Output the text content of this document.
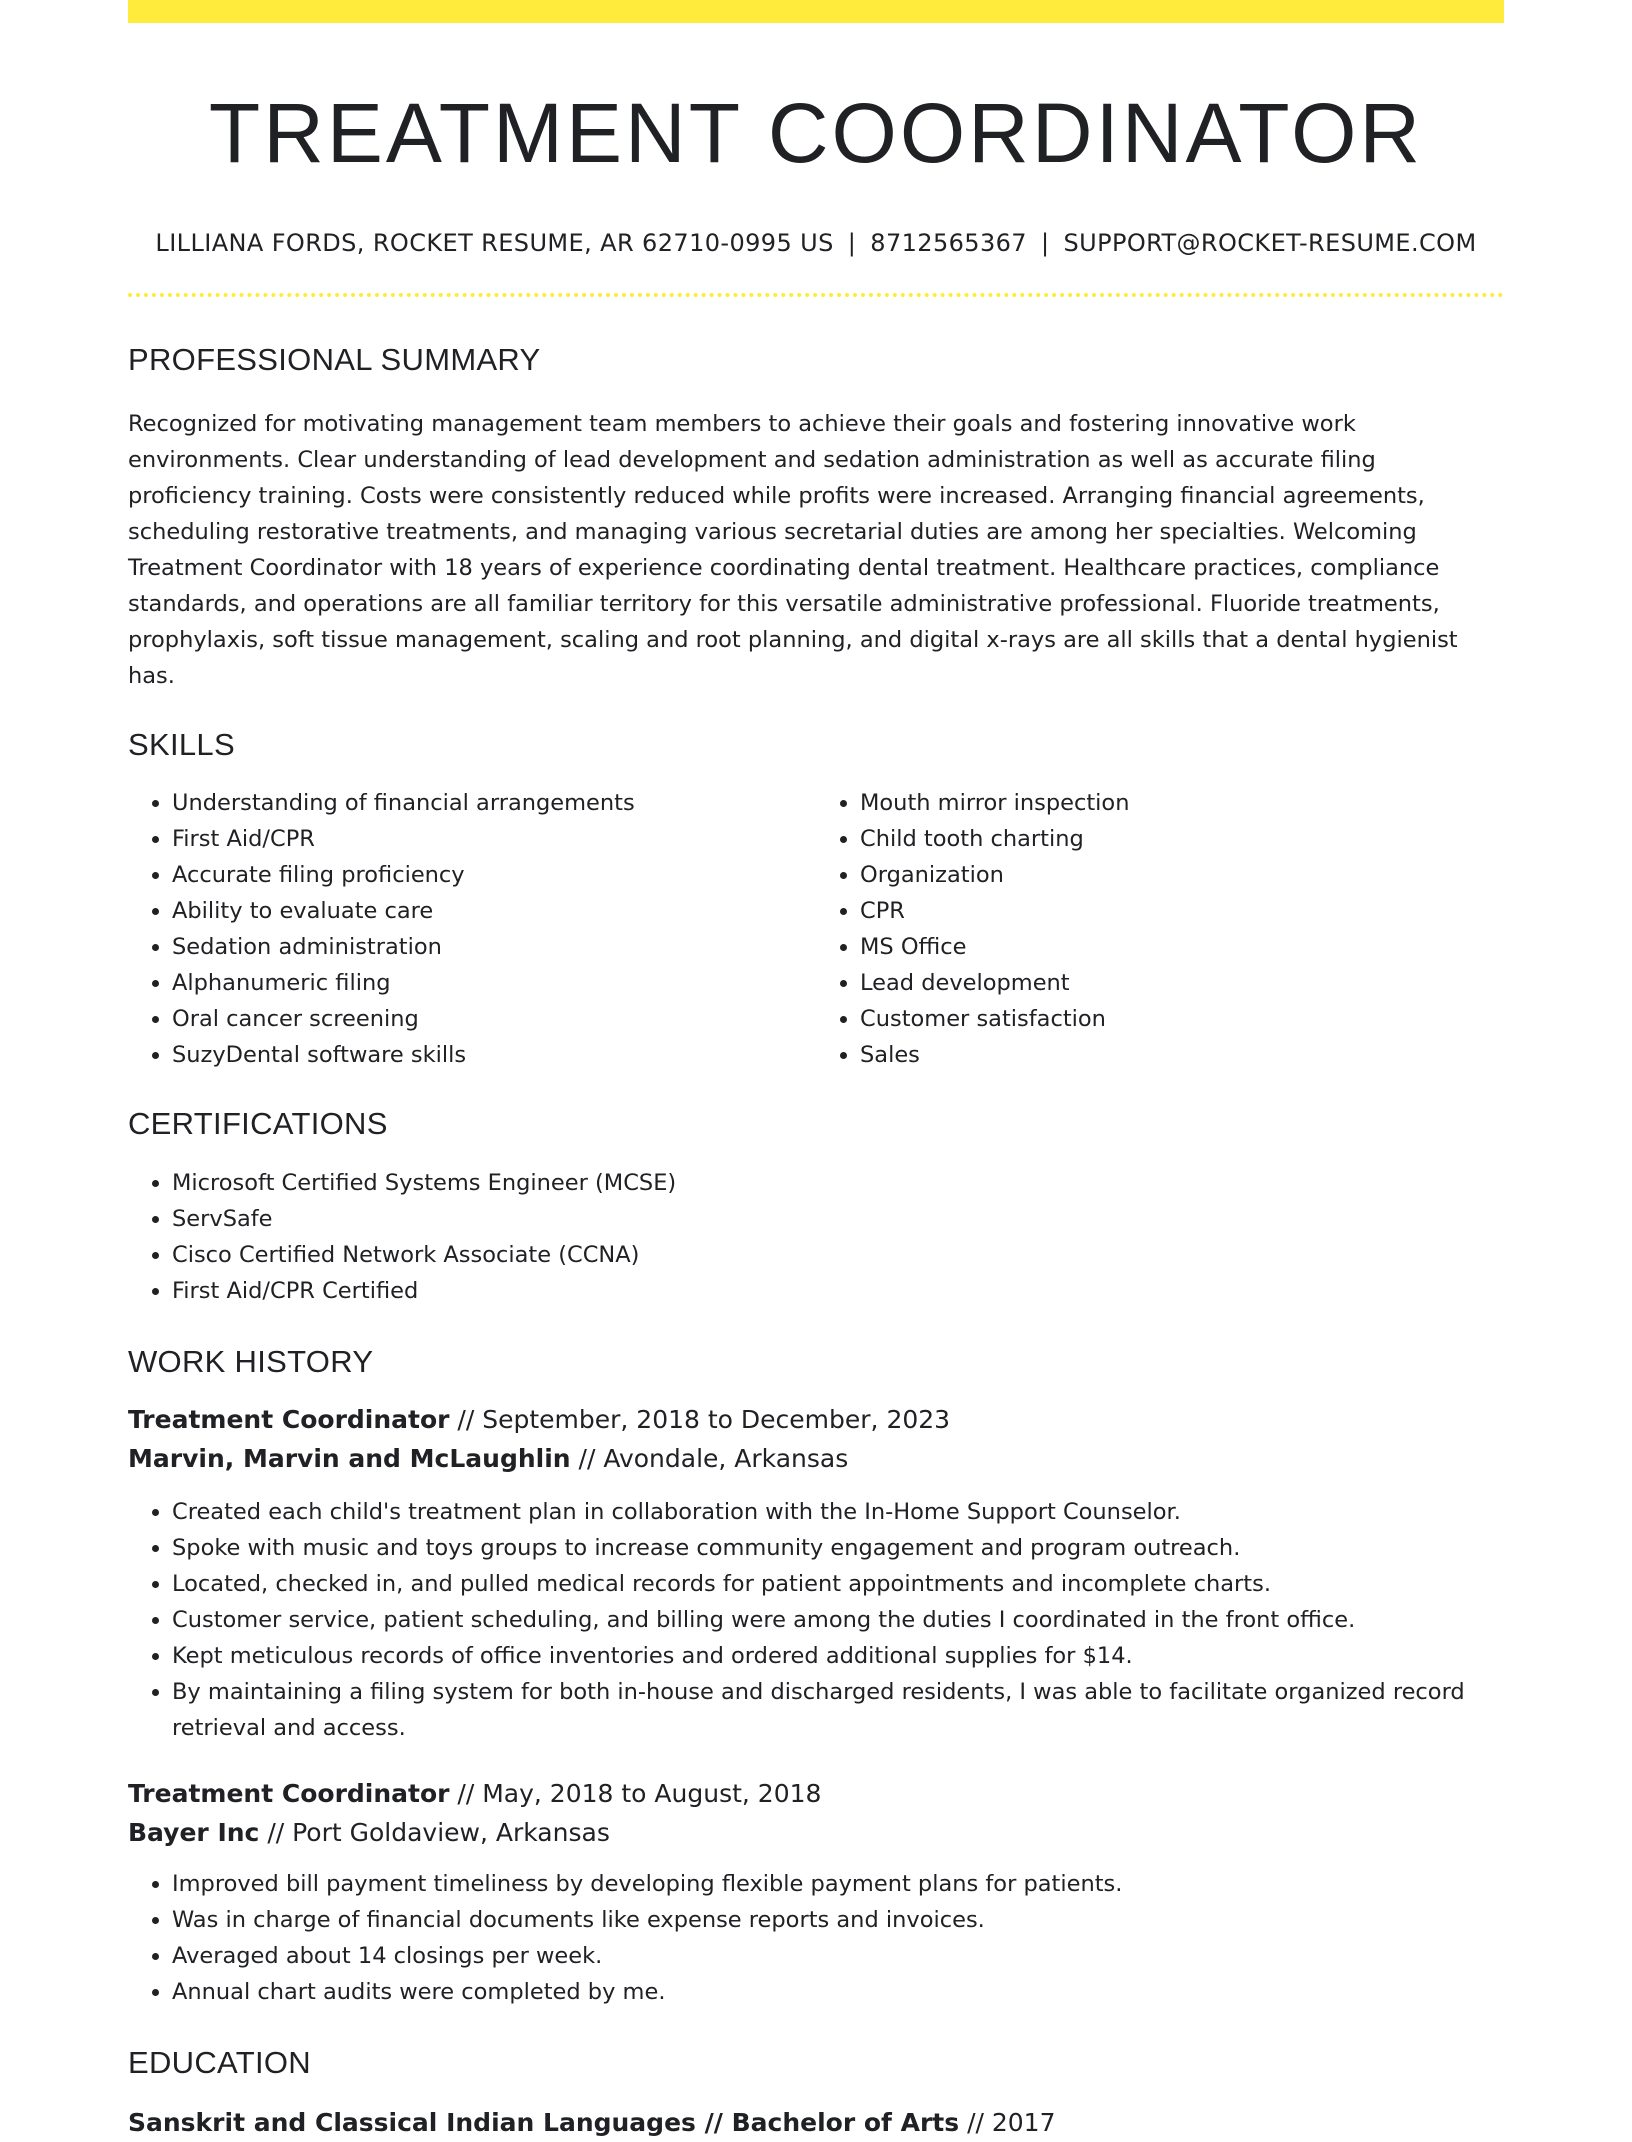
TREATMENT COORDINATOR
LILLIANA FORDS, ROCKET RESUME, AR 62710-0995 US | 8712565367 | SUPPORT@ROCKET-RESUME.COM
PROFESSIONAL SUMMARY

Recognized for motivating management team members to achieve their goals and fostering innovative work environments. Clear understanding of lead development and sedation administration as well as accurate filing proficiency training. Costs were consistently reduced while profits were increased. Arranging financial agreements, scheduling restorative treatments, and managing various secretarial duties are among her specialties. Welcoming Treatment Coordinator with 18 years of experience coordinating dental treatment. Healthcare practices, compliance standards, and operations are all familiar territory for this versatile administrative professional. Fluoride treatments, prophylaxis, soft tissue management, scaling and root planning, and digital x-rays are all skills that a dental hygienist has.

SKILLS
• Understanding of financial arrangements
• First Aid/CPR
• Accurate filing proficiency
• Ability to evaluate care
• Sedation administration
• Alphanumeric filing
• Oral cancer screening
• SuzyDental software skills
• Mouth mirror inspection
• Child tooth charting
• Organization
• CPR
• MS Office
• Lead development
• Customer satisfaction
• Sales
CERTIFICATIONS
• Microsoft Certified Systems Engineer (MCSE)
• ServSafe
• Cisco Certified Network Associate (CCNA)
• First Aid/CPR Certified
WORK HISTORY
Treatment Coordinator // September, 2018 to December, 2023
Marvin, Marvin and McLaughlin // Avondale, Arkansas
• Created each child's treatment plan in collaboration with the In-Home Support Counselor.
• Spoke with music and toys groups to increase community engagement and program outreach.
• Located, checked in, and pulled medical records for patient appointments and incomplete charts.
• Customer service, patient scheduling, and billing were among the duties I coordinated in the front office.
• Kept meticulous records of office inventories and ordered additional supplies for $14.
• By maintaining a filing system for both in-house and discharged residents, I was able to facilitate organized record retrieval and access.
Treatment Coordinator // May, 2018 to August, 2018
Bayer Inc // Port Goldaview, Arkansas
• Improved bill payment timeliness by developing flexible payment plans for patients.
• Was in charge of financial documents like expense reports and invoices.
• Averaged about 14 closings per week.
• Annual chart audits were completed by me.
EDUCATION
Sanskrit and Classical Indian Languages // Bachelor of Arts // 2017
